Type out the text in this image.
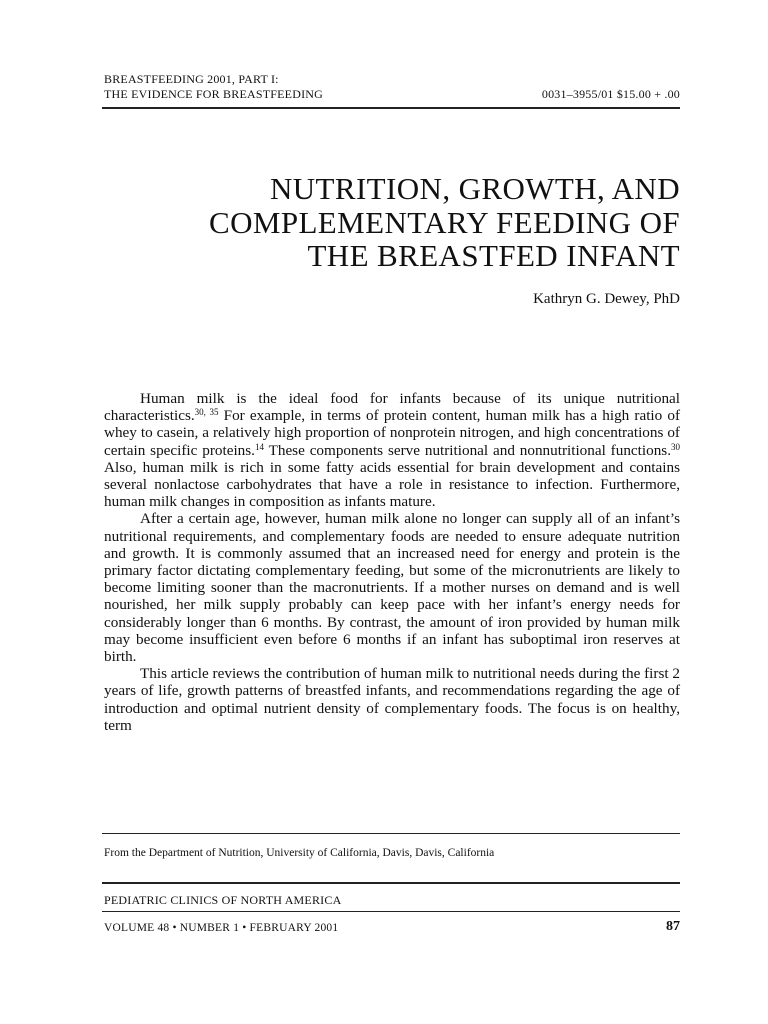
BREASTFEEDING 2001, PART I:
THE EVIDENCE FOR BREASTFEEDING	0031–3955/01 $15.00 + .00
NUTRITION, GROWTH, AND
COMPLEMENTARY FEEDING OF
THE BREASTFED INFANT
Kathryn G. Dewey, PhD

Human milk is the ideal food for infants because of its unique nutritional characteristics.$^{30, 35}$ For example, in terms of protein content, human milk has a high ratio of whey to casein, a relatively high proportion of nonprotein nitrogen, and high concentrations of certain specific proteins.$^{14}$ These components serve nutritional and nonnutritional functions.$^{30}$ Also, human milk is rich in some fatty acids essential for brain development and contains several nonlactose carbohydrates that have a role in resistance to infection. Furthermore, human milk changes in composition as infants mature.

After a certain age, however, human milk alone no longer can supply all of an infant’s nutritional requirements, and complementary foods are needed to ensure adequate nutrition and growth. It is commonly assumed that an increased need for energy and protein is the primary factor dictating complementary feeding, but some of the micronutrients are likely to become limiting sooner than the macronutrients. If a mother nurses on demand and is well nourished, her milk supply probably can keep pace with her infant’s energy needs for considerably longer than 6 months. By contrast, the amount of iron provided by human milk may become insufficient even before 6 months if an infant has suboptimal iron reserves at birth.

This article reviews the contribution of human milk to nutritional needs during the first 2 years of life, growth patterns of breastfed infants, and recommendations regarding the age of introduction and optimal nutrient density of complementary foods. The focus is on healthy, term

From the Department of Nutrition, University of California, Davis, Davis, California
PEDIATRIC CLINICS OF NORTH AMERICA
VOLUME 48 • NUMBER 1 • FEBRUARY 2001	87
